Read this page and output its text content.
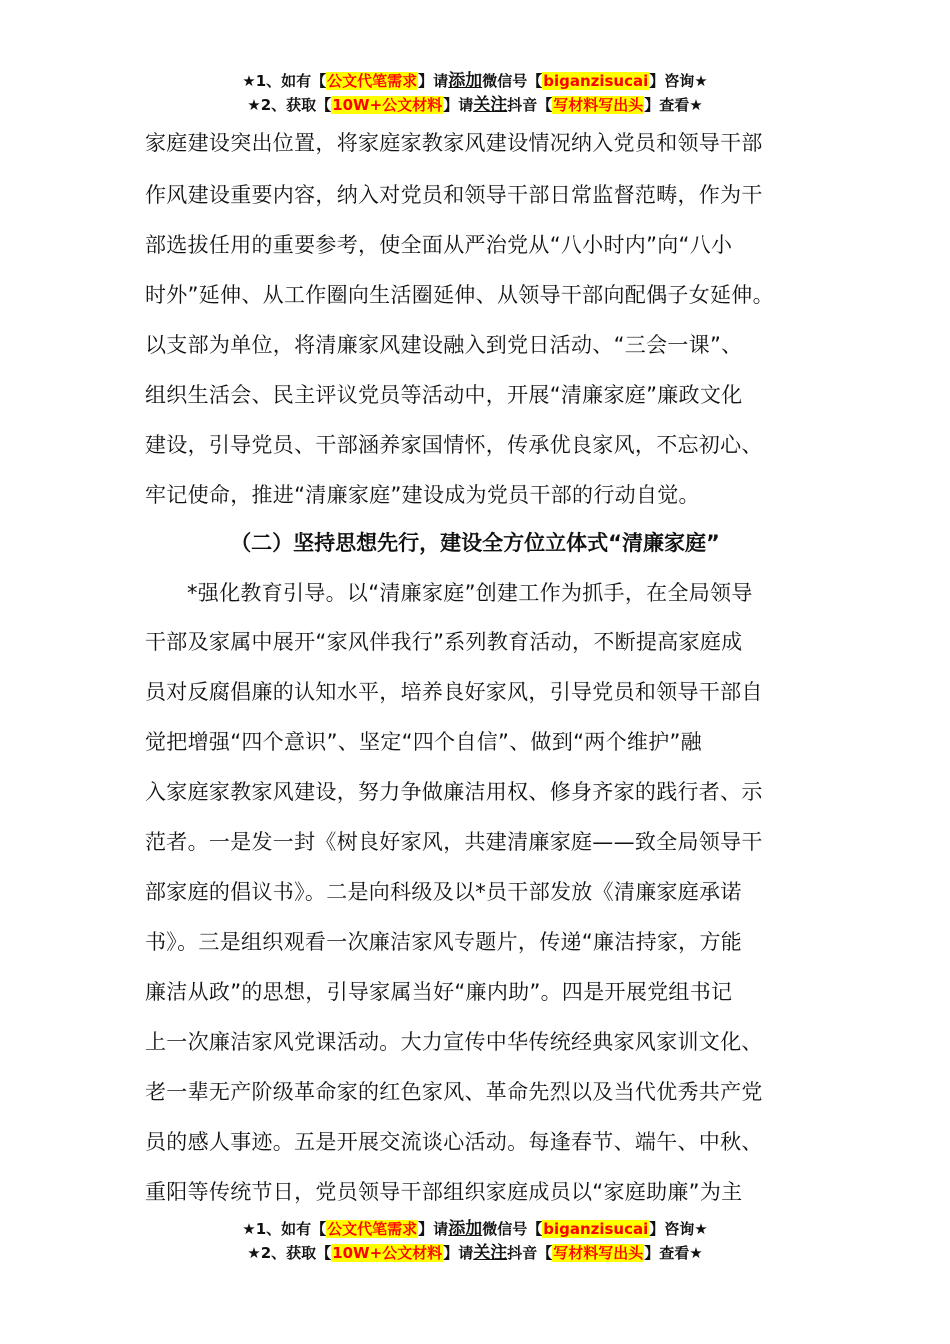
★1、如有【公文代笔需求】请添加微信号【biganzisucai】咨询★
★2、获取【10W+公文材料】请关注抖音【写材料写出头】查看★
家庭建设突出位置，将家庭家教家风建设情况纳入党员和领导干部
作风建设重要内容，纳入对党员和领导干部日常监督范畴，作为干
部选拔任用的重要参考，使全面从严治党从“八小时内”向“八小
时外”延伸、从工作圈向生活圈延伸、从领导干部向配偶子女延伸。
以支部为单位，将清廉家风建设融入到党日活动、“三会一课”、
组织生活会、民主评议党员等活动中，开展“清廉家庭”廉政文化
建设，引导党员、干部涵养家国情怀，传承优良家风，不忘初心、
牢记使命，推进“清廉家庭”建设成为党员干部的行动自觉。
（二）坚持思想先行，建设全方位立体式“清廉家庭”
*强化教育引导。以“清廉家庭”创建工作为抓手，在全局领导
干部及家属中展开“家风伴我行”系列教育活动，不断提高家庭成
员对反腐倡廉的认知水平，培养良好家风，引导党员和领导干部自
觉把增强“四个意识”、坚定“四个自信”、做到“两个维护”融
入家庭家教家风建设，努力争做廉洁用权、修身齐家的践行者、示
范者。一是发一封《树良好家风，共建清廉家庭——致全局领导干
部家庭的倡议书》。二是向科级及以*员干部发放《清廉家庭承诺
书》。三是组织观看一次廉洁家风专题片，传递“廉洁持家，方能
廉洁从政”的思想，引导家属当好“廉内助”。四是开展党组书记
上一次廉洁家风党课活动。大力宣传中华传统经典家风家训文化、
老一辈无产阶级革命家的红色家风、革命先烈以及当代优秀共产党
员的感人事迹。五是开展交流谈心活动。每逢春节、端午、中秋、
重阳等传统节日，党员领导干部组织家庭成员以“家庭助廉”为主
★1、如有【公文代笔需求】请添加微信号【biganzisucai】咨询★
★2、获取【10W+公文材料】请关注抖音【写材料写出头】查看★
